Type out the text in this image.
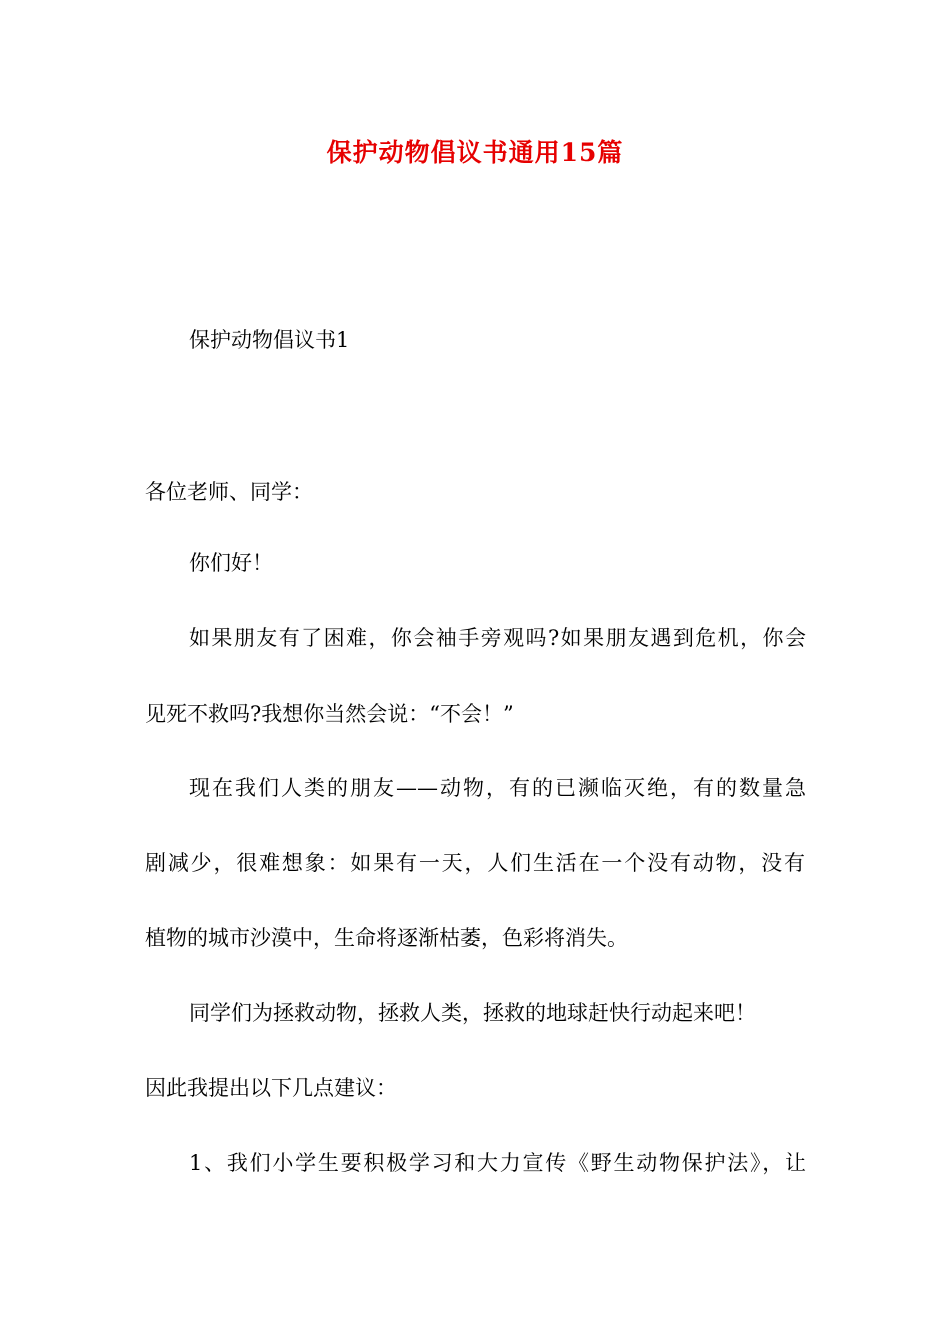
保护动物倡议书通用15篇

保护动物倡议书1

各位老师、同学：

你们好！

如果朋友有了困难，你会袖手旁观吗?如果朋友遇到危机，你会

见死不救吗?我想你当然会说：“不会！”

现在我们人类的朋友——动物，有的已濒临灭绝，有的数量急

剧减少，很难想象：如果有一天，人们生活在一个没有动物，没有

植物的城市沙漠中，生命将逐渐枯萎，色彩将消失。

同学们为拯救动物，拯救人类，拯救的地球赶快行动起来吧！

因此我提出以下几点建议：

1、我们小学生要积极学习和大力宣传《野生动物保护法》，让
